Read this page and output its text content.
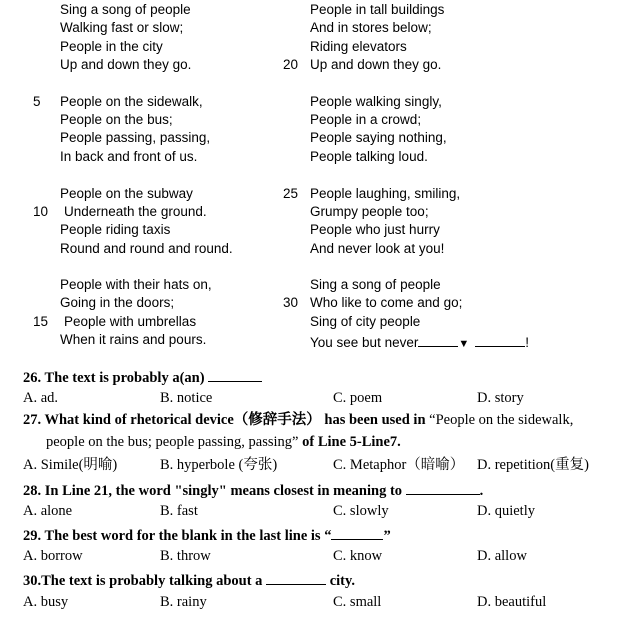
Sing a song of people
Walking fast or slow;
People in the city
Up and down they go.
5 People on the sidewalk,
People on the bus;
People passing, passing,
In back and front of us.
People on the subway
10 Underneath the ground.
People riding taxis
Round and round and round.
People with their hats on,
Going in the doors;
15 People with umbrellas
When it rains and pours.
People in tall buildings
And in stores below;
Riding elevators
20 Up and down they go.
People walking singly,
People in a crowd;
People saying nothing,
People talking loud.
25 People laughing, smiling,
Grumpy people too;
People who just hurry
And never look at you!
Sing a song of people
30 Who like to come and go;
Sing of city people
You see but never	▼	!
26. The text is probably a(an)
A. ad.	B. notice	C. poem	D. story
27. What kind of rhetorical device（修辞手法） has been used in “People on the sidewalk,
people on the bus; people passing, passing” of Line 5-Line7.
A. Simile(明喻)	B. hyperbole (夸张)	C. Metaphor（暗喻） D. repetition(重复)
28. In Line 21, the word "singly" means closest in meaning to	.
A. alone	B. fast	C. slowly	D. quietly
29. The best word for the blank in the last line is “	”
A. borrow	B. throw	C. know	D. allow
30.The text is probably talking about a	city.
A. busy	B. rainy	C. small	D. beautiful
